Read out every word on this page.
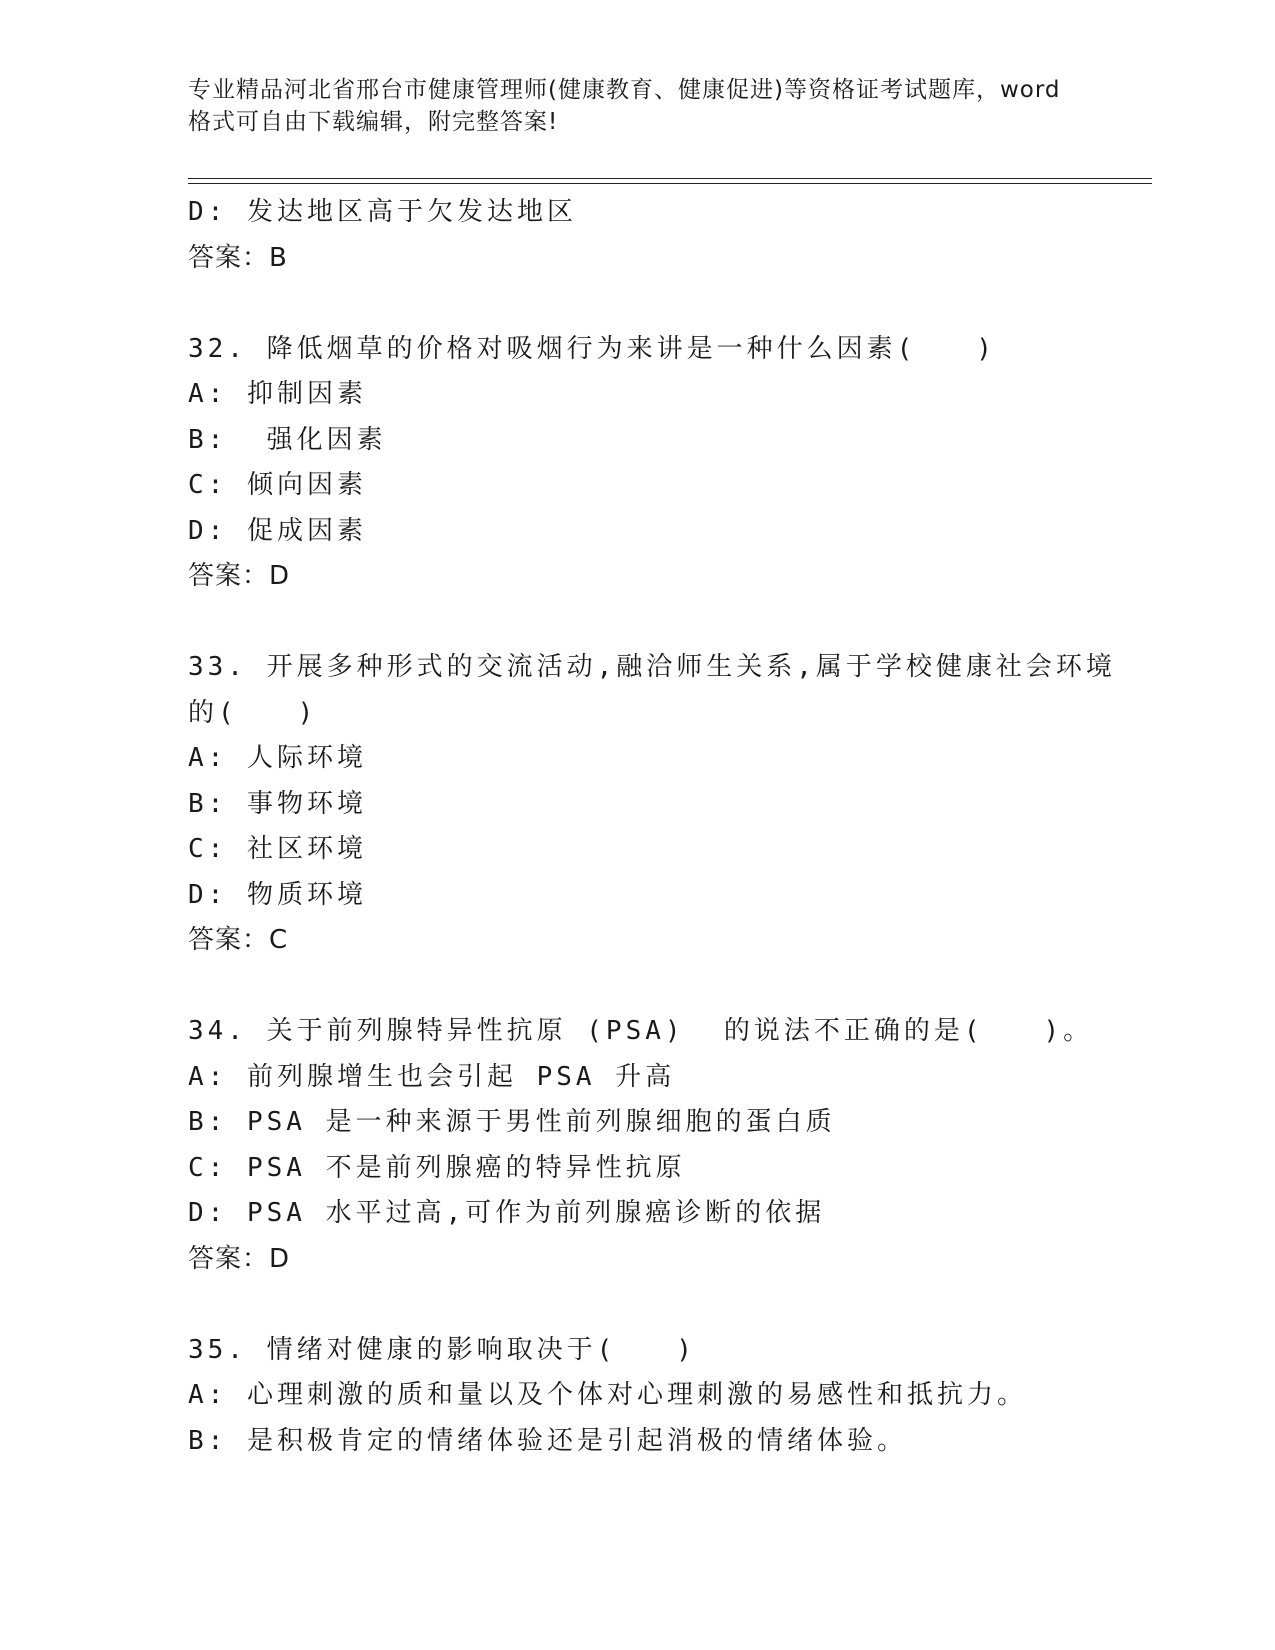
专业精品河北省邢台市健康管理师(健康教育、健康促进)等资格证考试题库，word
格式可自由下载编辑，附完整答案!
D: 发达地区高于欠发达地区
答案：B
32. 降低烟草的价格对吸烟行为来讲是一种什么因素(　　)
A: 抑制因素
B:  强化因素
C: 倾向因素
D: 促成因素
答案：D
33. 开展多种形式的交流活动,融洽师生关系,属于学校健康社会环境
的(　　)
A: 人际环境
B: 事物环境
C: 社区环境
D: 物质环境
答案：C
34. 关于前列腺特异性抗原 (PSA)  的说法不正确的是(　　)。
A: 前列腺增生也会引起 PSA 升高
B: PSA 是一种来源于男性前列腺细胞的蛋白质
C: PSA 不是前列腺癌的特异性抗原
D: PSA 水平过高,可作为前列腺癌诊断的依据
答案：D
35. 情绪对健康的影响取决于(　　)
A: 心理刺激的质和量以及个体对心理刺激的易感性和抵抗力。
B: 是积极肯定的情绪体验还是引起消极的情绪体验。
